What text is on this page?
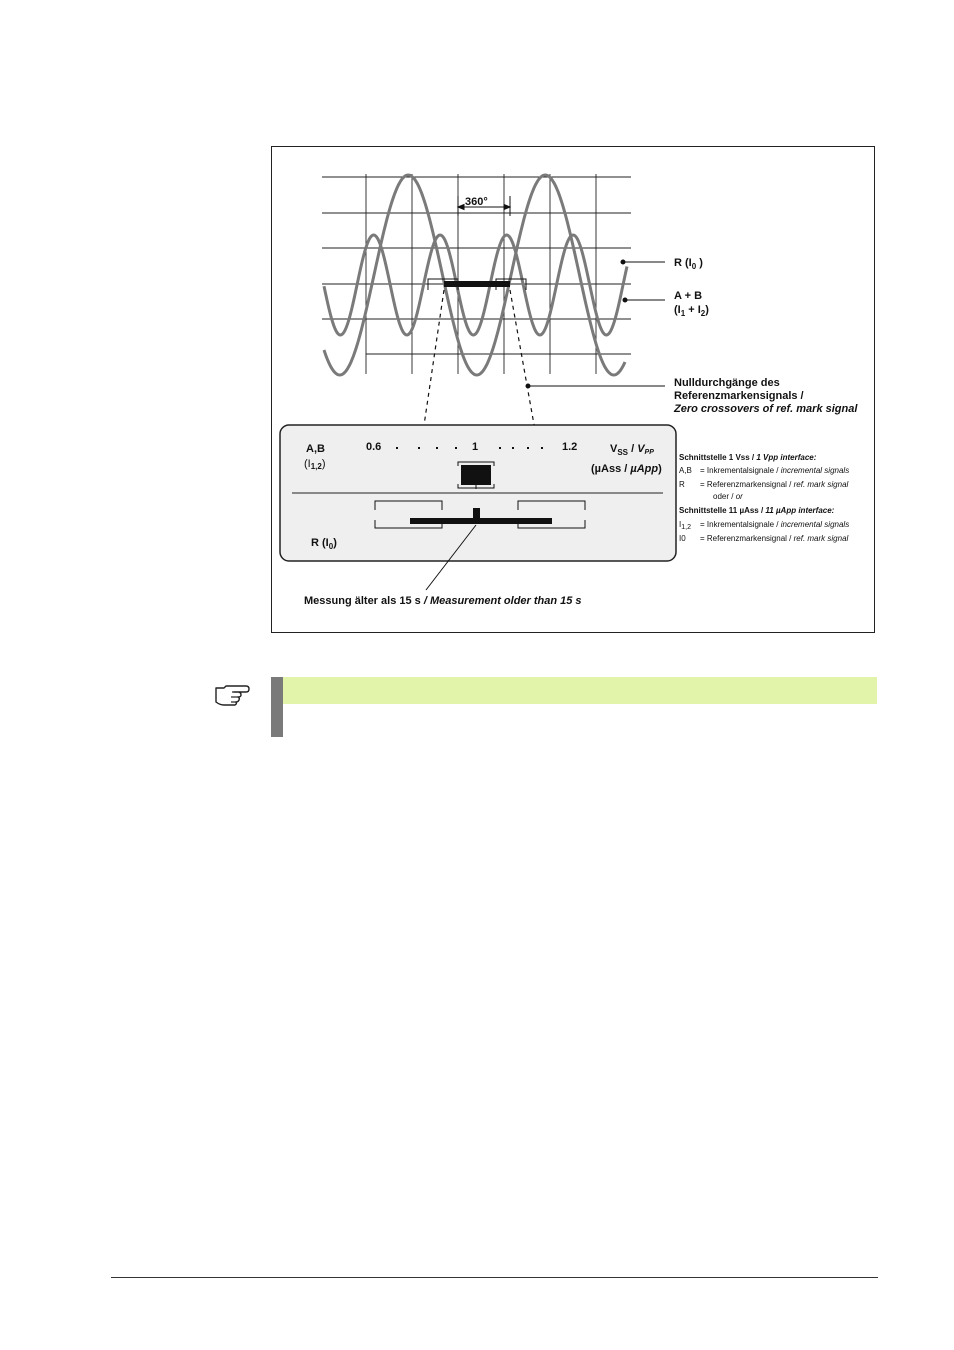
360°
R ($I_0$ )
A + B
$(I_1 + I_2)$
Nulldurchgänge des
Referenzmarkensignals /
Zero crossovers of ref. mark signal
A,B
(I1,2)
0.6	1	1.2	$V_{SS}$ / VPP
(µAss / µApp)
R $(I_0)$
Messung älter als 15 s / Measurement older than 15 s
Schnittstelle 1 Vss / 1 Vpp interface:
A,B = Inkrementalsignale / incremental signals
R = Referenzmarkensignal / ref. mark signal
oder / or
Schnittstelle 11 µAss / 11 µApp interface:
I1,2 = Inkrementalsignale / incremental signals
I0 = Referenzmarkensignal / ref. mark signal
